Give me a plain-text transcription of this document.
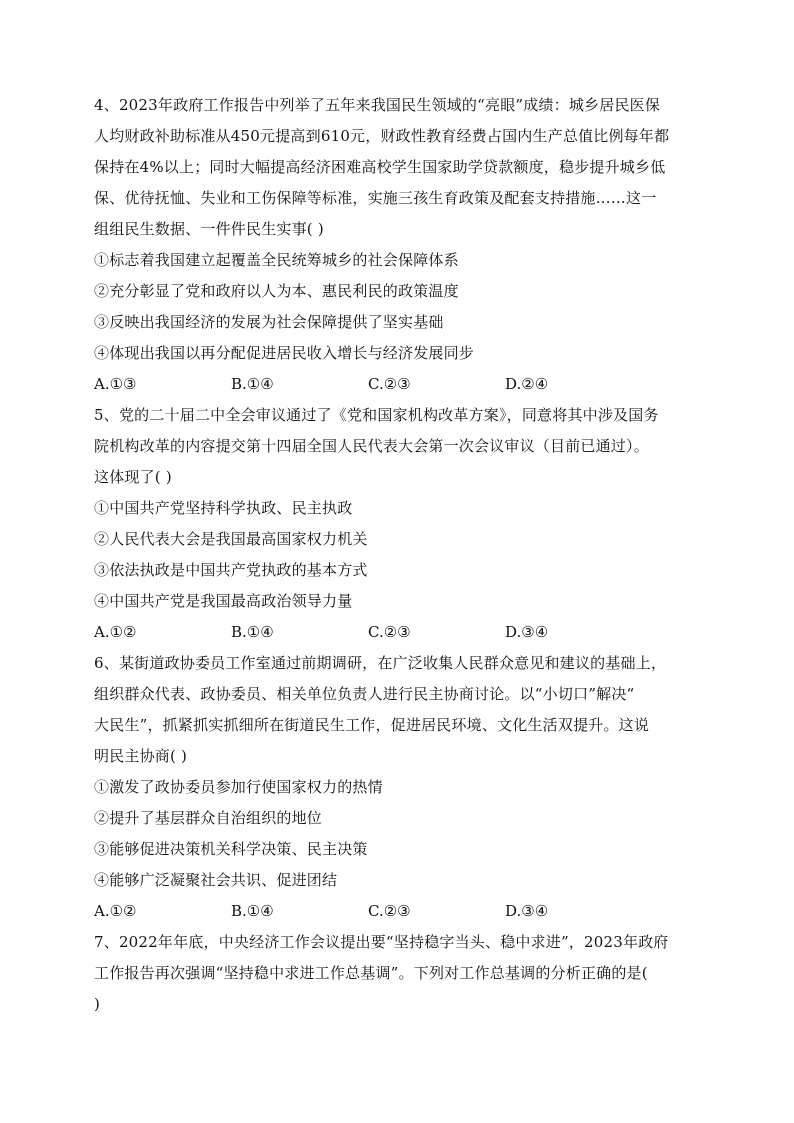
4、2023年政府工作报告中列举了五年来我国民生领域的“亮眼”成绩：城乡居民医保
人均财政补助标准从450元提高到610元，财政性教育经费占国内生产总值比例每年都
保持在4%以上；同时大幅提高经济困难高校学生国家助学贷款额度，稳步提升城乡低
保、优待抚恤、失业和工伤保障等标准，实施三孩生育政策及配套支持措施……这一
组组民生数据、一件件民生实事( )
①标志着我国建立起覆盖全民统筹城乡的社会保障体系
②充分彰显了党和政府以人为本、惠民利民的政策温度
③反映出我国经济的发展为社会保障提供了坚实基础
④体现出我国以再分配促进居民收入增长与经济发展同步
A.①③	B.①④	C.②③	D.②④
5、党的二十届二中全会审议通过了《党和国家机构改革方案》，同意将其中涉及国务
院机构改革的内容提交第十四届全国人民代表大会第一次会议审议（目前已通过）。
这体现了( )
①中国共产党坚持科学执政、民主执政
②人民代表大会是我国最高国家权力机关
③依法执政是中国共产党执政的基本方式
④中国共产党是我国最高政治领导力量
A.①②	B.①④	C.②③	D.③④
6、某街道政协委员工作室通过前期调研，在广泛收集人民群众意见和建议的基础上，
组织群众代表、政协委员、相关单位负责人进行民主协商讨论。以“小切口”解决“
大民生”，抓紧抓实抓细所在街道民生工作，促进居民环境、文化生活双提升。这说
明民主协商( )
①激发了政协委员参加行使国家权力的热情
②提升了基层群众自治组织的地位
③能够促进决策机关科学决策、民主决策
④能够广泛凝聚社会共识、促进团结
A.①②	B.①④	C.②③	D.③④
7、2022年年底，中央经济工作会议提出要“坚持稳字当头、稳中求进”，2023年政府
工作报告再次强调“坚持稳中求进工作总基调”。下列对工作总基调的分析正确的是(
)
